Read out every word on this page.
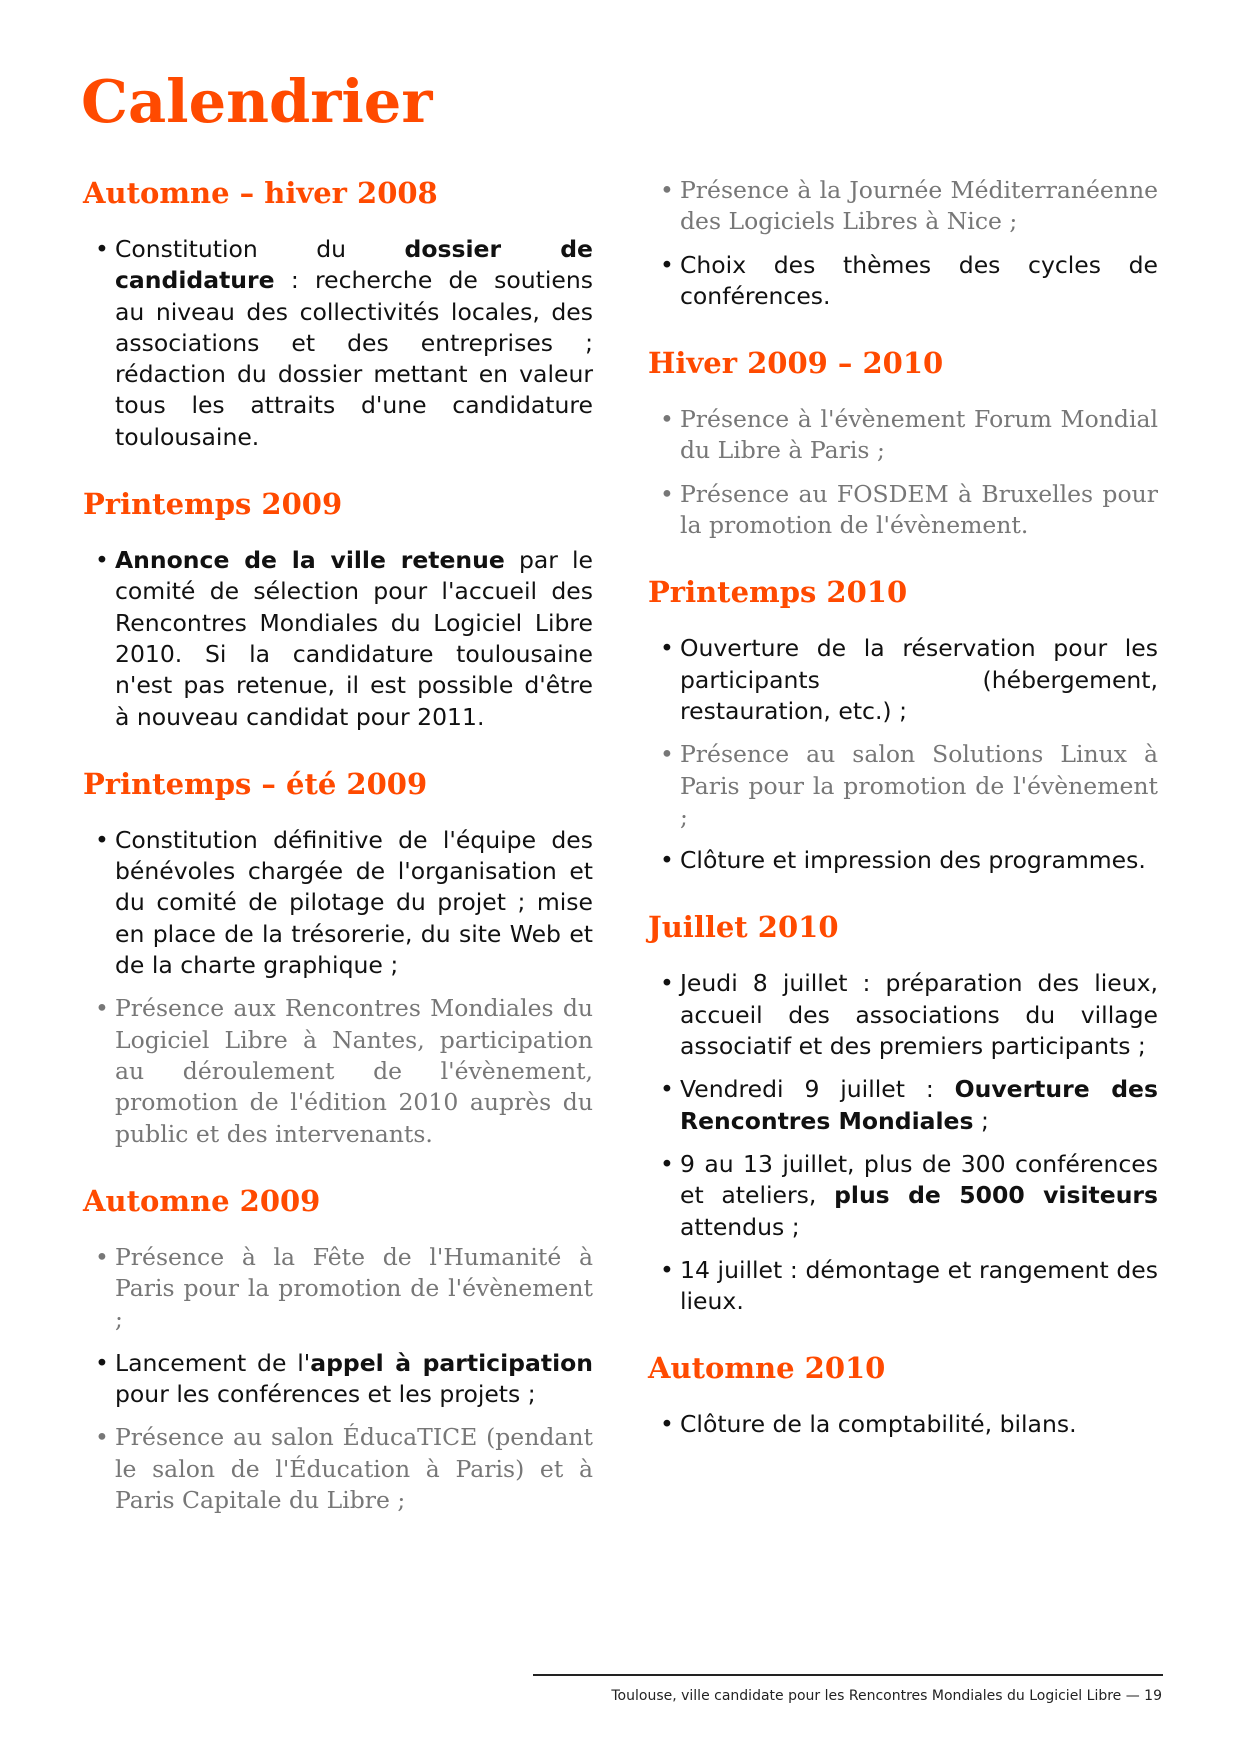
Calendrier
Automne – hiver 2008
• Constitution du dossier de candidature : recherche de soutiens au niveau des collectivités locales, des associations et des entreprises ; rédaction du dossier mettant en valeur tous les attraits d'une candidature toulousaine.
Printemps 2009
• Annonce de la ville retenue par le comité de sélection pour l'accueil des Rencontres Mondiales du Logiciel Libre 2010. Si la candidature toulousaine n'est pas retenue, il est possible d'être à nouveau candidat pour 2011.
Printemps – été 2009
• Constitution définitive de l'équipe des bénévoles chargée de l'organisation et du comité de pilotage du projet ; mise en place de la trésorerie, du site Web et de la charte graphique ;
• Présence aux Rencontres Mondiales du Logiciel Libre à Nantes, participation au déroulement de l'évènement, promotion de l'édition 2010 auprès du public et des intervenants.
Automne 2009
• Présence à la Fête de l'Humanité à Paris pour la promotion de l'évènement ;
• Lancement de l'appel à participation pour les conférences et les projets ;
• Présence au salon ÉducaTICE (pendant le salon de l'Éducation à Paris) et à Paris Capitale du Libre ;
• Présence à la Journée Méditerranéenne des Logiciels Libres à Nice ;
• Choix des thèmes des cycles de conférences.
Hiver 2009 – 2010
• Présence à l'évènement Forum Mondial du Libre à Paris ;
• Présence au FOSDEM à Bruxelles pour la promotion de l'évènement.
Printemps 2010
• Ouverture de la réservation pour les participants (hébergement, restauration, etc.) ;
• Présence au salon Solutions Linux à Paris pour la promotion de l'évènement ;
• Clôture et impression des programmes.
Juillet 2010
• Jeudi 8 juillet : préparation des lieux, accueil des associations du village associatif et des premiers participants ;
• Vendredi 9 juillet : Ouverture des Rencontres Mondiales ;
• 9 au 13 juillet, plus de 300 conférences et ateliers, plus de 5000 visiteurs attendus ;
• 14 juillet : démontage et rangement des lieux.
Automne 2010
• Clôture de la comptabilité, bilans.
Toulouse, ville candidate pour les Rencontres Mondiales du Logiciel Libre — 19
